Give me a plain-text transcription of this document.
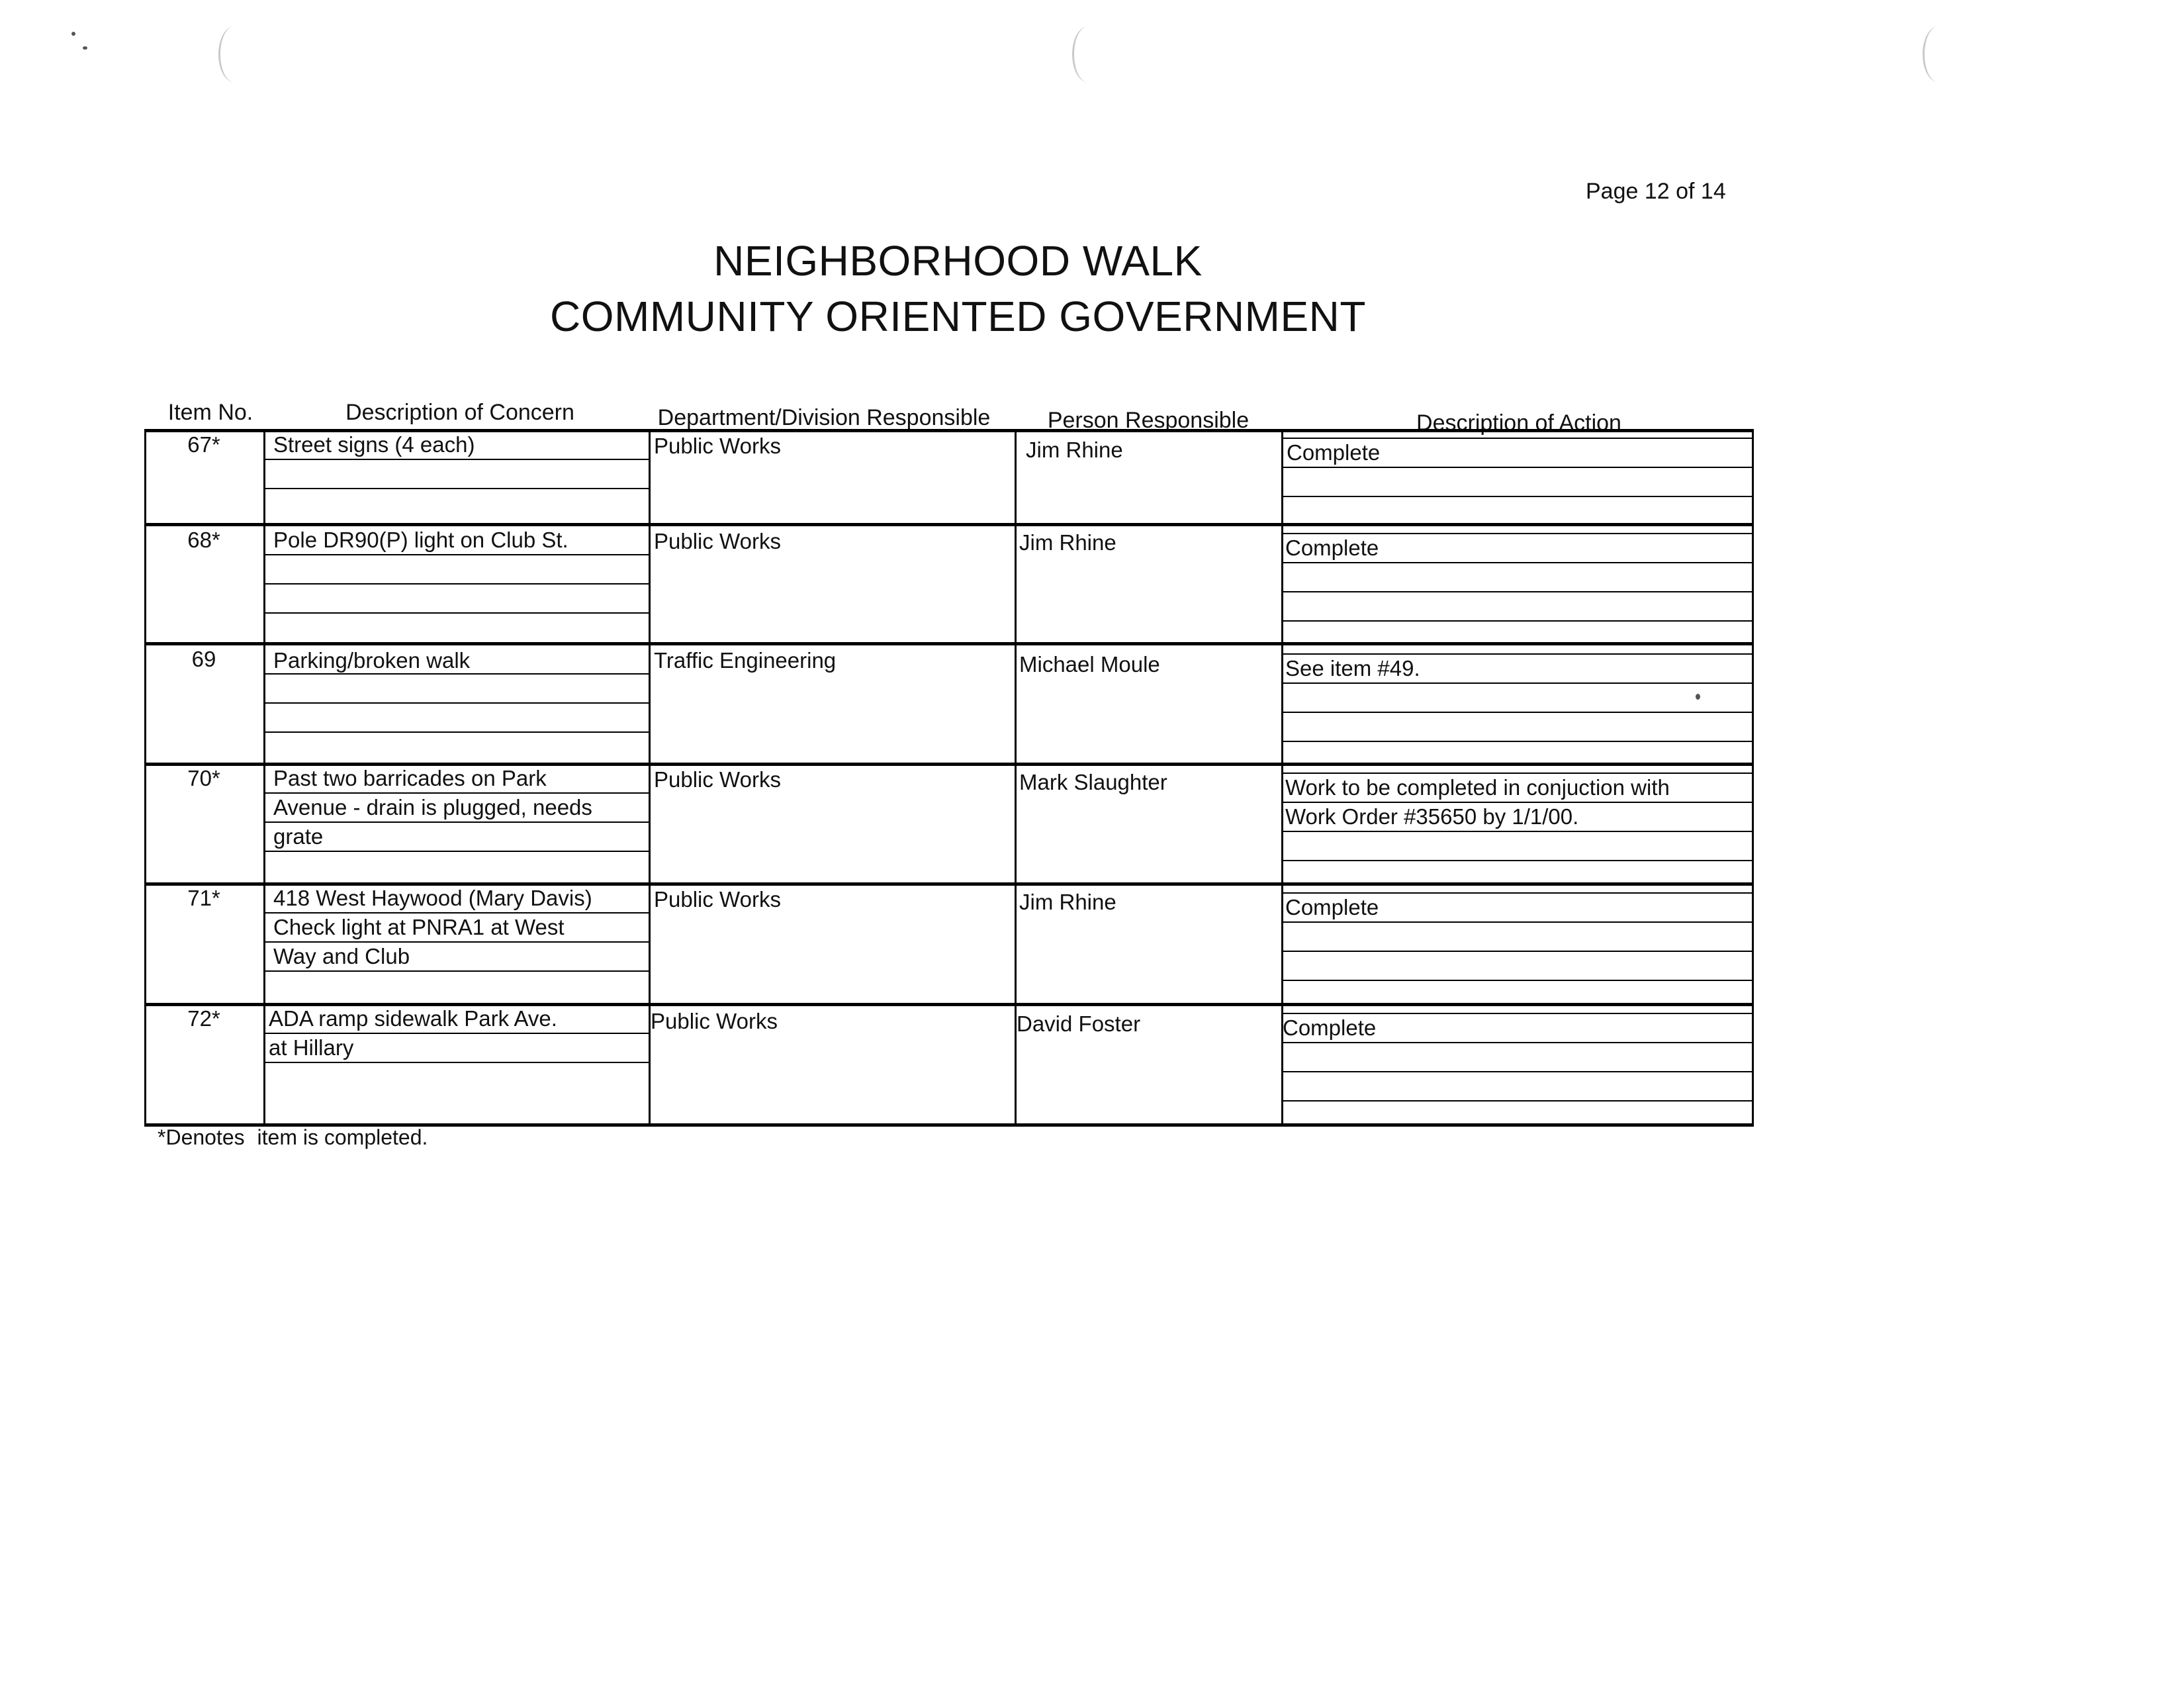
Page 12 of 14
NEIGHBORHOOD WALK
COMMUNITY ORIENTED GOVERNMENT
Item No.	Description of Concern	Department/Division Responsible	Person Responsible	Description of Action
67*	Street signs (4 each)	Public Works	Jim Rhine	Complete
68*	Pole DR90(P) light on Club St.	Public Works	Jim Rhine	Complete
69	Parking/broken walk	Traffic Engineering	Michael Moule	See item #49.
70*	Past two barricades on Park
Avenue - drain is plugged, needs
grate
Public Works	Mark Slaughter	Work to be completed in conjuction with
Work Order #35650 by 1/1/00.
71*	418 West Haywood (Mary Davis)
Check light at PNRA1 at West
Way and Club
Public Works	Jim Rhine	Complete
72*	ADA ramp sidewalk Park Ave.
at Hillary
Public Works	David Foster	Complete
*Denotes item is completed.
